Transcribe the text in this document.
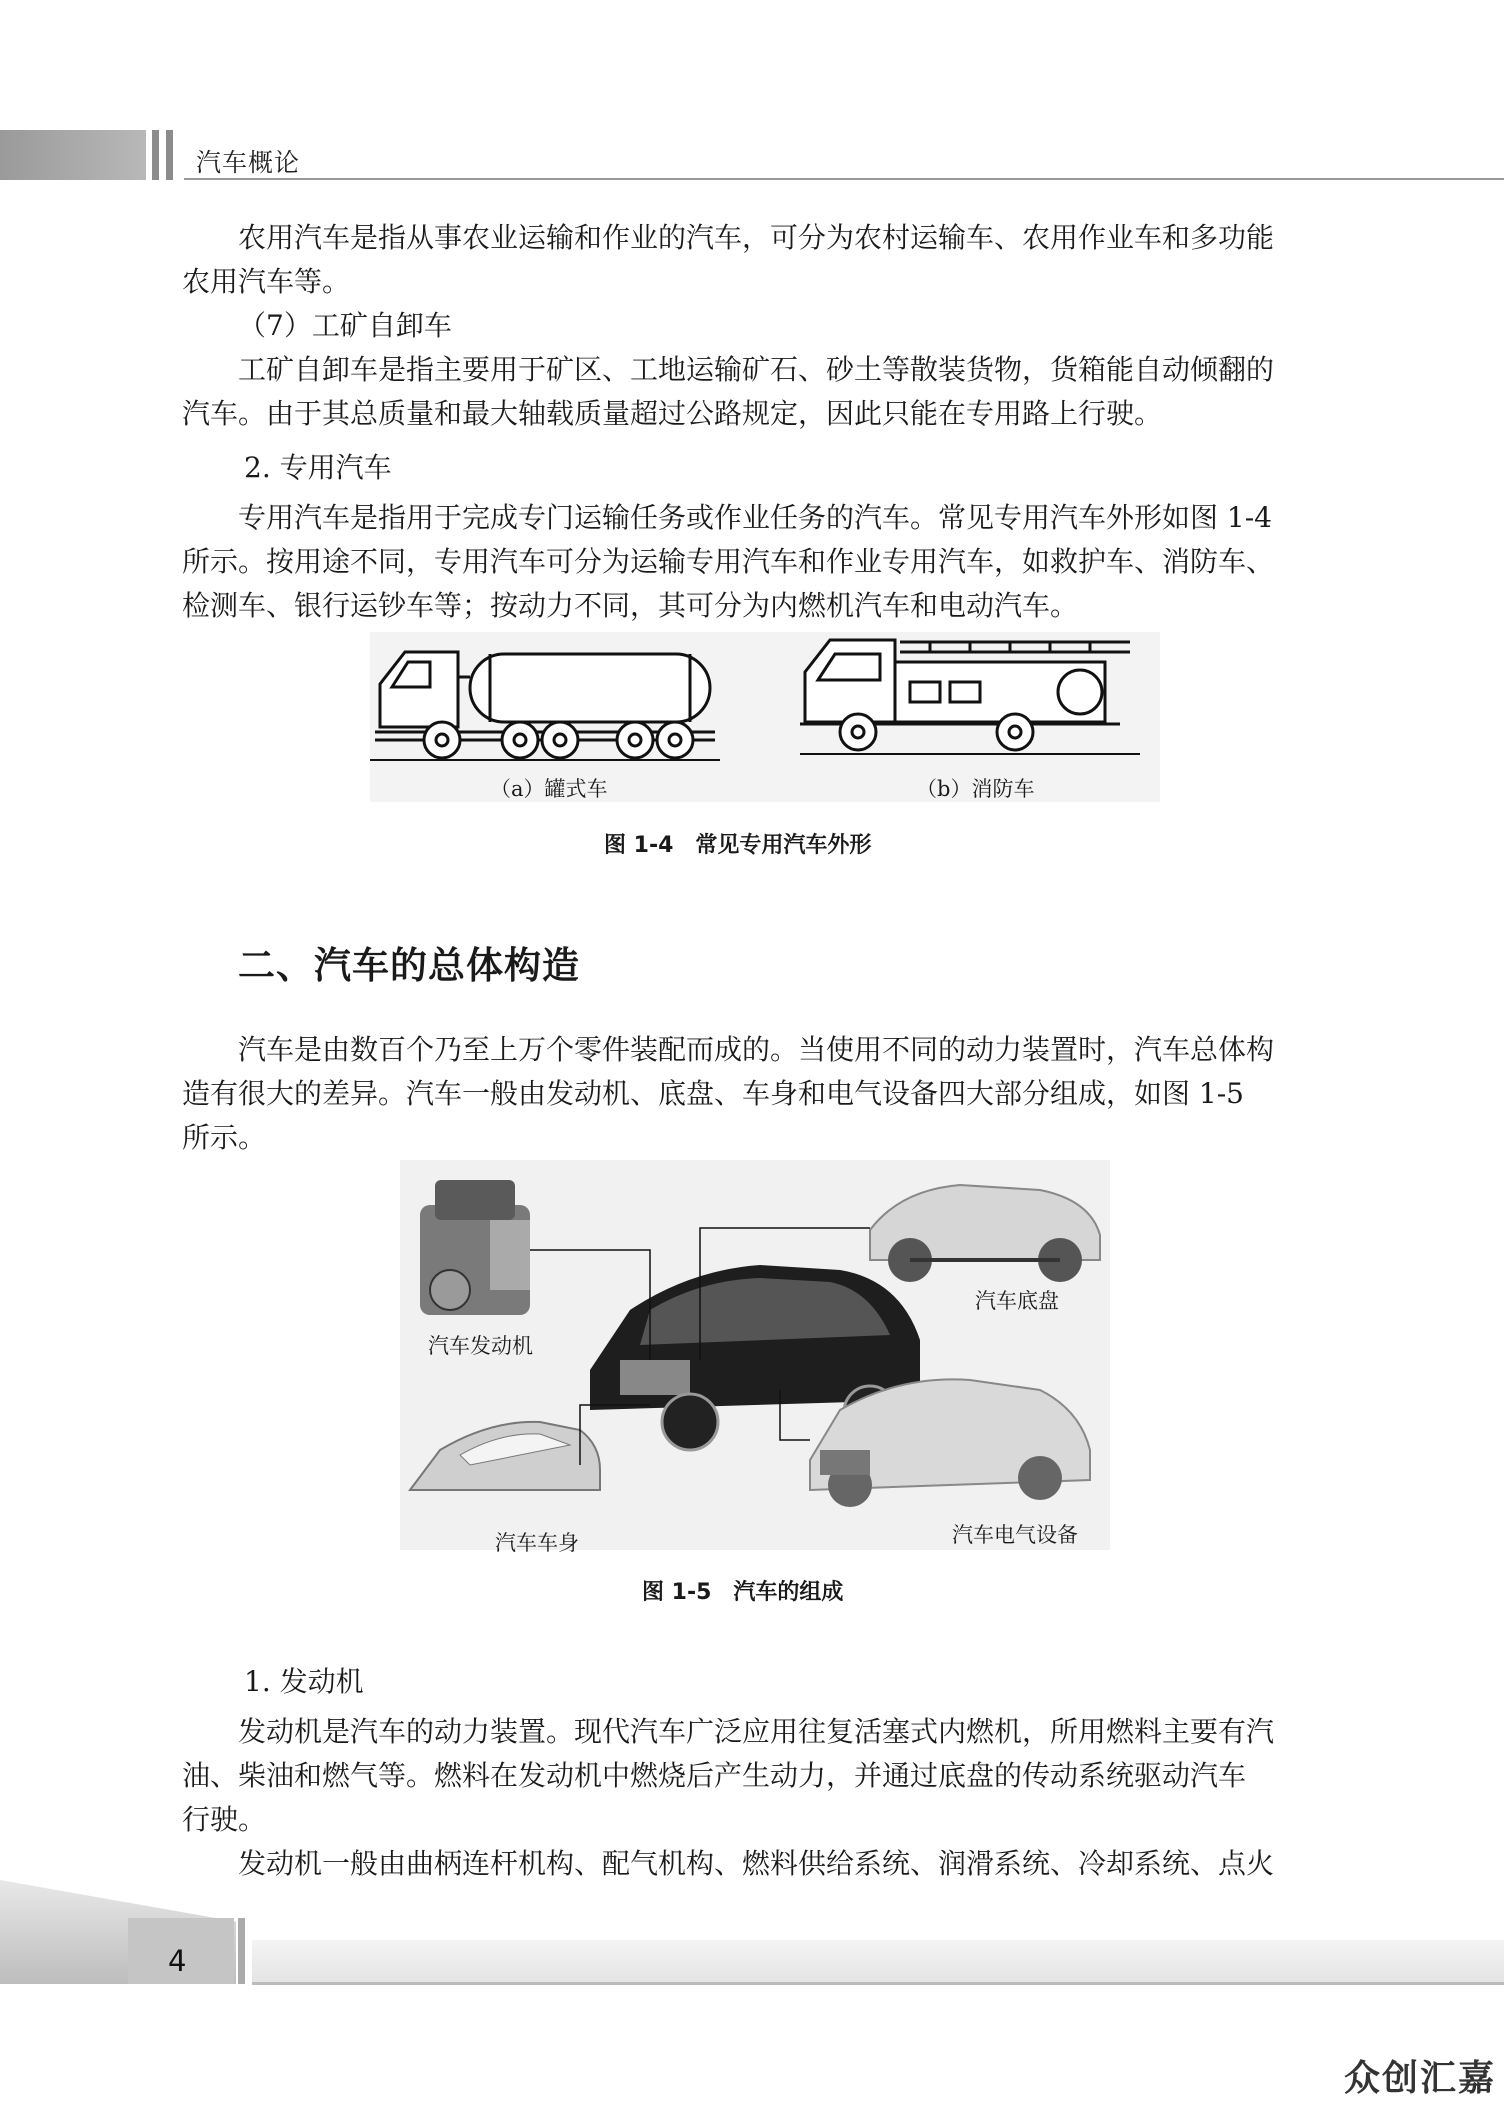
汽车概论
农用汽车是指从事农业运输和作业的汽车，可分为农村运输车、农用作业车和多功能
农用汽车等。
（7）工矿自卸车
工矿自卸车是指主要用于矿区、工地运输矿石、砂土等散装货物，货箱能自动倾翻的
汽车。由于其总质量和最大轴载质量超过公路规定，因此只能在专用路上行驶。
2. 专用汽车
专用汽车是指用于完成专门运输任务或作业任务的汽车。常见专用汽车外形如图 1-4
所示。按用途不同，专用汽车可分为运输专用汽车和作业专用汽车，如救护车、消防车、
检测车、银行运钞车等；按动力不同，其可分为内燃机汽车和电动汽车。
（a）罐式车	（b）消防车
图 1-4　常见专用汽车外形
二、汽车的总体构造
汽车是由数百个乃至上万个零件装配而成的。当使用不同的动力装置时，汽车总体构
造有很大的差异。汽车一般由发动机、底盘、车身和电气设备四大部分组成，如图 1-5
所示。
汽车发动机
汽车底盘
汽车车身	汽车电气设备
图 1-5　汽车的组成
1. 发动机
发动机是汽车的动力装置。现代汽车广泛应用往复活塞式内燃机，所用燃料主要有汽
油、柴油和燃气等。燃料在发动机中燃烧后产生动力，并通过底盘的传动系统驱动汽车
行驶。
发动机一般由曲柄连杆机构、配气机构、燃料供给系统、润滑系统、冷却系统、点火
4
众创汇嘉
